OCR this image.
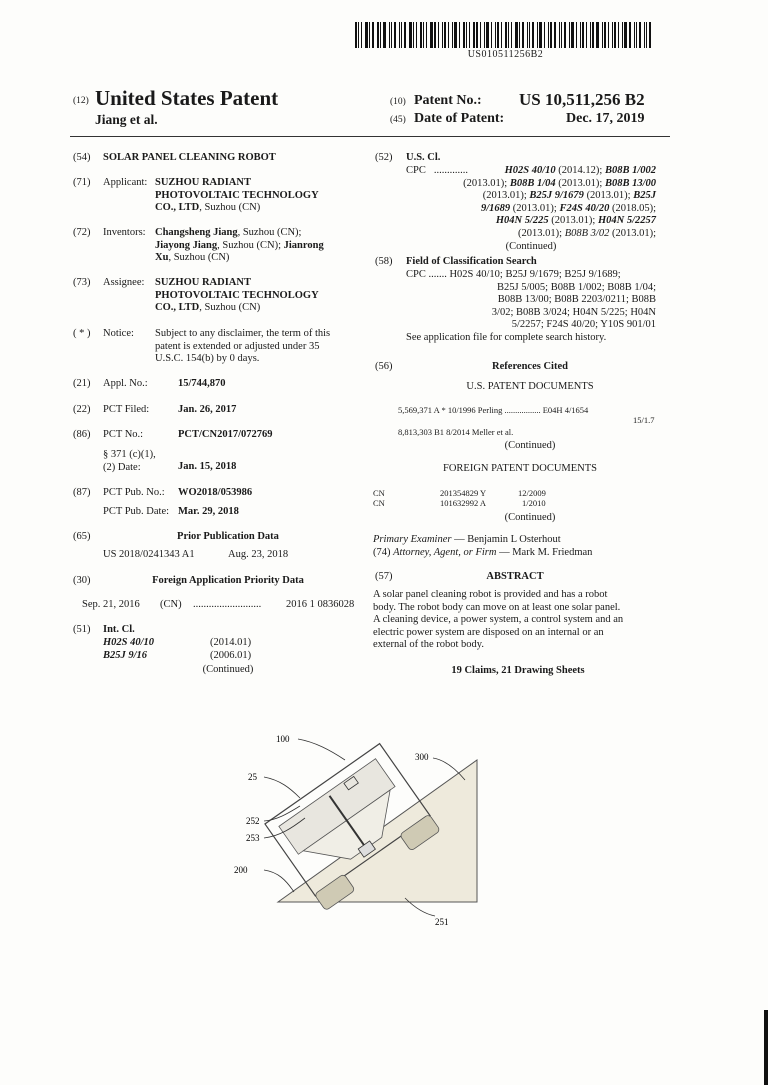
US010511256B2
(12) United States Patent
Jiang et al.
(10) Patent No.: US 10,511,256 B2
(45) Date of Patent:	Dec. 17, 2019
(54) SOLAR PANEL CLEANING ROBOT
(71) Applicant: SUZHOU RADIANT
PHOTOVOLTAIC TECHNOLOGY
CO., LTD, Suzhou (CN)
(72) Inventors: Changsheng Jiang, Suzhou (CN);
Jiayong Jiang, Suzhou (CN); Jianrong
Xu, Suzhou (CN)
(73) Assignee: SUZHOU RADIANT
PHOTOVOLTAIC TECHNOLOGY
CO., LTD, Suzhou (CN)
( * ) Notice: Subject to any disclaimer, the term of this
patent is extended or adjusted under 35
U.S.C. 154(b) by 0 days.
(21) Appl. No.:	15/744,870
(22) PCT Filed:	Jan. 26, 2017
(86) PCT No.:	PCT/CN2017/072769
§ 371 (c)(1),
(2) Date:	Jan. 15, 2018
(87) PCT Pub. No.: WO2018/053986
PCT Pub. Date: Mar. 29, 2018
(65)	Prior Publication Data
US 2018/0241343 A1	Aug. 23, 2018
(30)	Foreign Application Priority Data
Sep. 21, 2016 (CN) .......................... 2016 1 0836028
(51) Int. Cl.
H02S 40/10	(2014.01)
B25J 9/16	(2006.01)
(Continued)
(52) U.S. Cl.
CPC .............	H02S 40/10 (2014.12); B08B 1/002
(2013.01); B08B 1/04 (2013.01); B08B 13/00
(2013.01); B25J 9/1679 (2013.01); B25J
9/1689 (2013.01); F24S 40/20 (2018.05);
H04N 5/225 (2013.01); H04N 5/2257
(2013.01); B08B 3/02 (2013.01);
(Continued)
(58) Field of Classification Search
CPC ....... H02S 40/10; B25J 9/1679; B25J 9/1689;
B25J 5/005; B08B 1/002; B08B 1/04;
B08B 13/00; B08B 2203/0211; B08B
3/02; B08B 3/024; H04N 5/225; H04N
5/2257; F24S 40/20; Y10S 901/01
See application file for complete search history.
(56)	References Cited
U.S. PATENT DOCUMENTS
5,569,371 A * 10/1996 Perling ................. E04H 4/1654
15/1.7
8,813,303 B1 8/2014 Meller et al.
(Continued)
FOREIGN PATENT DOCUMENTS
CN	201354829 Y	12/2009
CN	101632992 A	1/2010
(Continued)
Primary Examiner — Benjamin L Osterhout
(74) Attorney, Agent, or Firm — Mark M. Friedman
(57)	ABSTRACT
A solar panel cleaning robot is provided and has a robot
body. The robot body can move on at least one solar panel.
A cleaning device, a power system, a control system and an
electric power system are disposed on an internal or an
external of the robot body.
19 Claims, 21 Drawing Sheets
100
25
300
252
253
200
251
